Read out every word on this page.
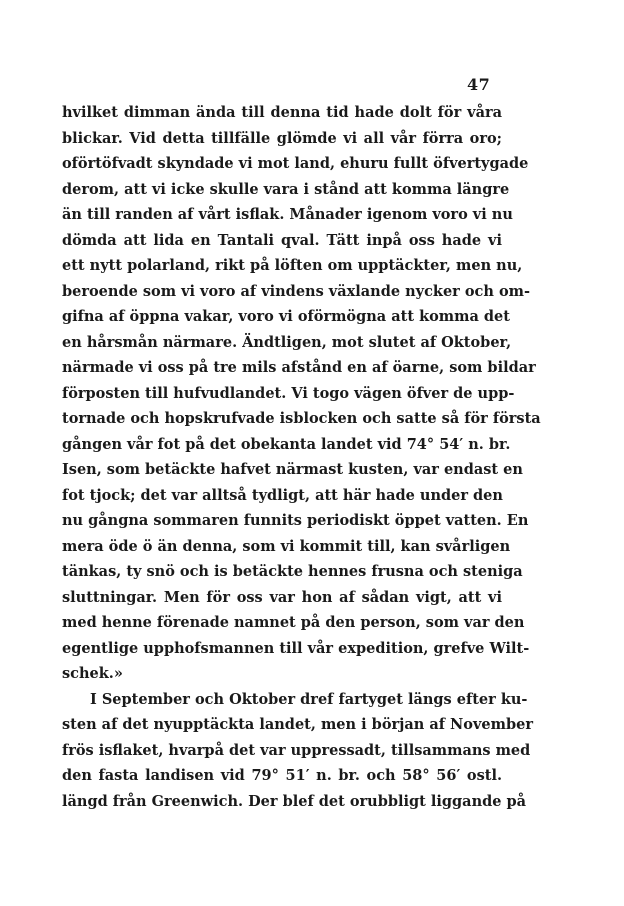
47
hvilket dimman ända till denna tid hade dolt för våra
blickar. Vid detta tillfälle glömde vi all vår förra oro;
oförtöfvadt skyndade vi mot land, ehuru fullt öfvertygade
derom, att vi icke skulle vara i stånd att komma längre
än till randen af vårt isflak. Månader igenom voro vi nu
dömda att lida en Tantali qval. Tätt inpå oss hade vi
ett nytt polarland, rikt på löften om upptäckter, men nu,
beroende som vi voro af vindens växlande nycker och om-
gifna af öppna vakar, voro vi oförmögna att komma det
en hårsmån närmare. Ändtligen, mot slutet af Oktober,
närmade vi oss på tre mils afstånd en af öarne, som bildar
förposten till hufvudlandet. Vi togo vägen öfver de upp-
tornade och hopskrufvade isblocken och satte så för första
gången vår fot på det obekanta landet vid 74° 54′ n. br.
Isen, som betäckte hafvet närmast kusten, var endast en
fot tjock; det var alltså tydligt, att här hade under den
nu gångna sommaren funnits periodiskt öppet vatten. En
mera öde ö än denna, som vi kommit till, kan svårligen
tänkas, ty snö och is betäckte hennes frusna och steniga
sluttningar. Men för oss var hon af sådan vigt, att vi
med henne förenade namnet på den person, som var den
egentlige upphofsmannen till vår expedition, grefve Wilt-
schek.»
I September och Oktober dref fartyget längs efter ku-
sten af det nyupptäckta landet, men i början af November
frös isflaket, hvarpå det var uppressadt, tillsammans med
den fasta landisen vid 79° 51′ n. br. och 58° 56′ ostl.
längd från Greenwich. Der blef det orubbligt liggande på
